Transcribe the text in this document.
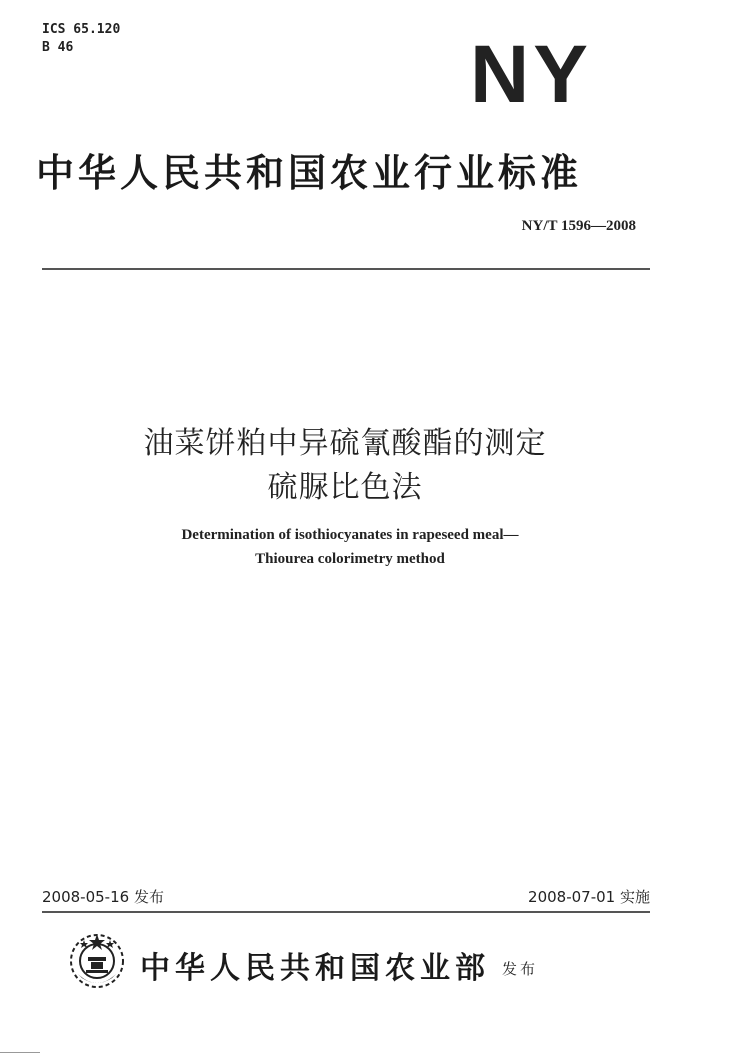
ICS 65.120
B 46	NY
中华人民共和国农业行业标准
NY/T 1596—2008
油菜饼粕中异硫氰酸酯的测定
硫脲比色法
Determination of isothiocyanates in rapeseed meal—
Thiourea colorimetry method
2008-05-16 发布	2008-07-01 实施
中华人民共和国农业部 发布
